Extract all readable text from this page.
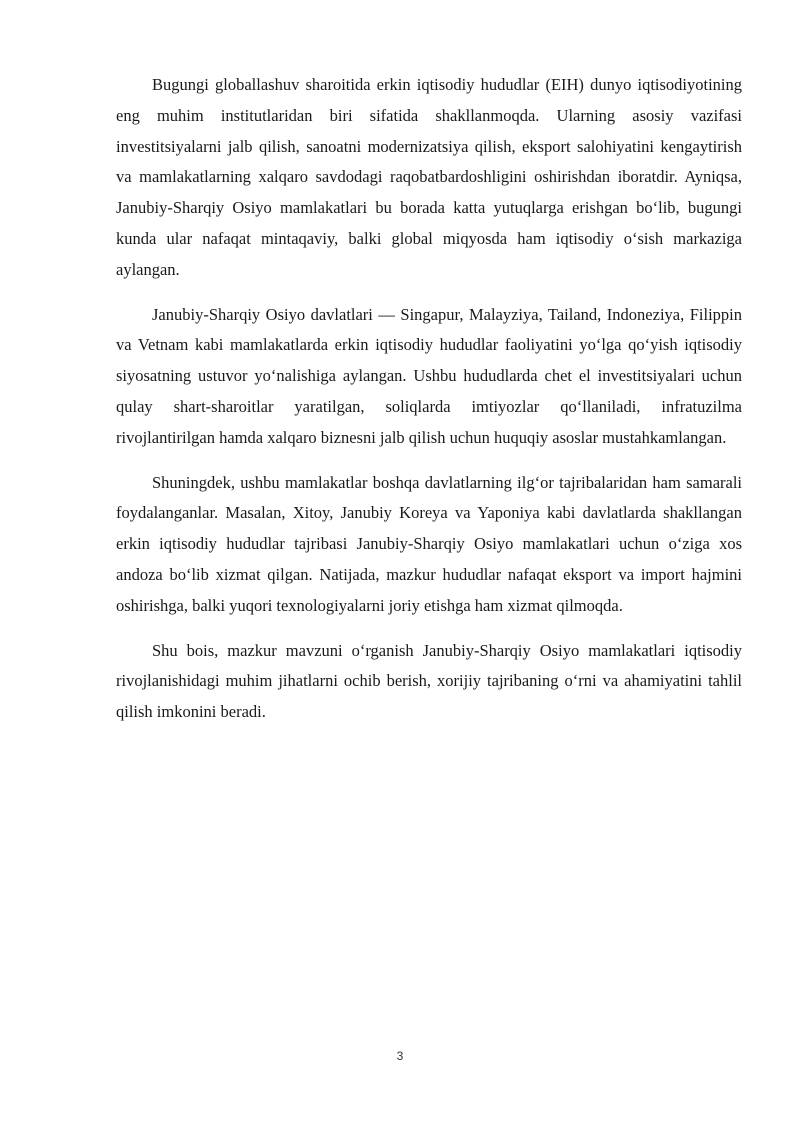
Bugungi globallashuv sharoitida erkin iqtisodiy hududlar (EIH) dunyo iqtisodiyotining eng muhim institutlaridan biri sifatida shakllanmoqda. Ularning asosiy vazifasi investitsiyalarni jalb qilish, sanoatni modernizatsiya qilish, eksport salohiyatini kengaytirish va mamlakatlarning xalqaro savdodagi raqobatbardoshligini oshirishdan iboratdir. Ayniqsa, Janubiy-Sharqiy Osiyo mamlakatlari bu borada katta yutuqlarga erishgan bo‘lib, bugungi kunda ular nafaqat mintaqaviy, balki global miqyosda ham iqtisodiy o‘sish markaziga aylangan.

Janubiy-Sharqiy Osiyo davlatlari — Singapur, Malayziya, Tailand, Indoneziya, Filippin va Vetnam kabi mamlakatlarda erkin iqtisodiy hududlar faoliyatini yo‘lga qo‘yish iqtisodiy siyosatning ustuvor yo‘nalishiga aylangan. Ushbu hududlarda chet el investitsiyalari uchun qulay shart-sharoitlar yaratilgan, soliqlarda imtiyozlar qo‘llaniladi, infratuzilma rivojlantirilgan hamda xalqaro biznesni jalb qilish uchun huquqiy asoslar mustahkamlangan.

Shuningdek, ushbu mamlakatlar boshqa davlatlarning ilg‘or tajribalaridan ham samarali foydalanganlar. Masalan, Xitoy, Janubiy Koreya va Yaponiya kabi davlatlarda shakllangan erkin iqtisodiy hududlar tajribasi Janubiy-Sharqiy Osiyo mamlakatlari uchun o‘ziga xos andoza bo‘lib xizmat qilgan. Natijada, mazkur hududlar nafaqat eksport va import hajmini oshirishga, balki yuqori texnologiyalarni joriy etishga ham xizmat qilmoqda.

Shu bois, mazkur mavzuni o‘rganish Janubiy-Sharqiy Osiyo mamlakatlari iqtisodiy rivojlanishidagi muhim jihatlarni ochib berish, xorijiy tajribaning o‘rni va ahamiyatini tahlil qilish imkonini beradi.

3
